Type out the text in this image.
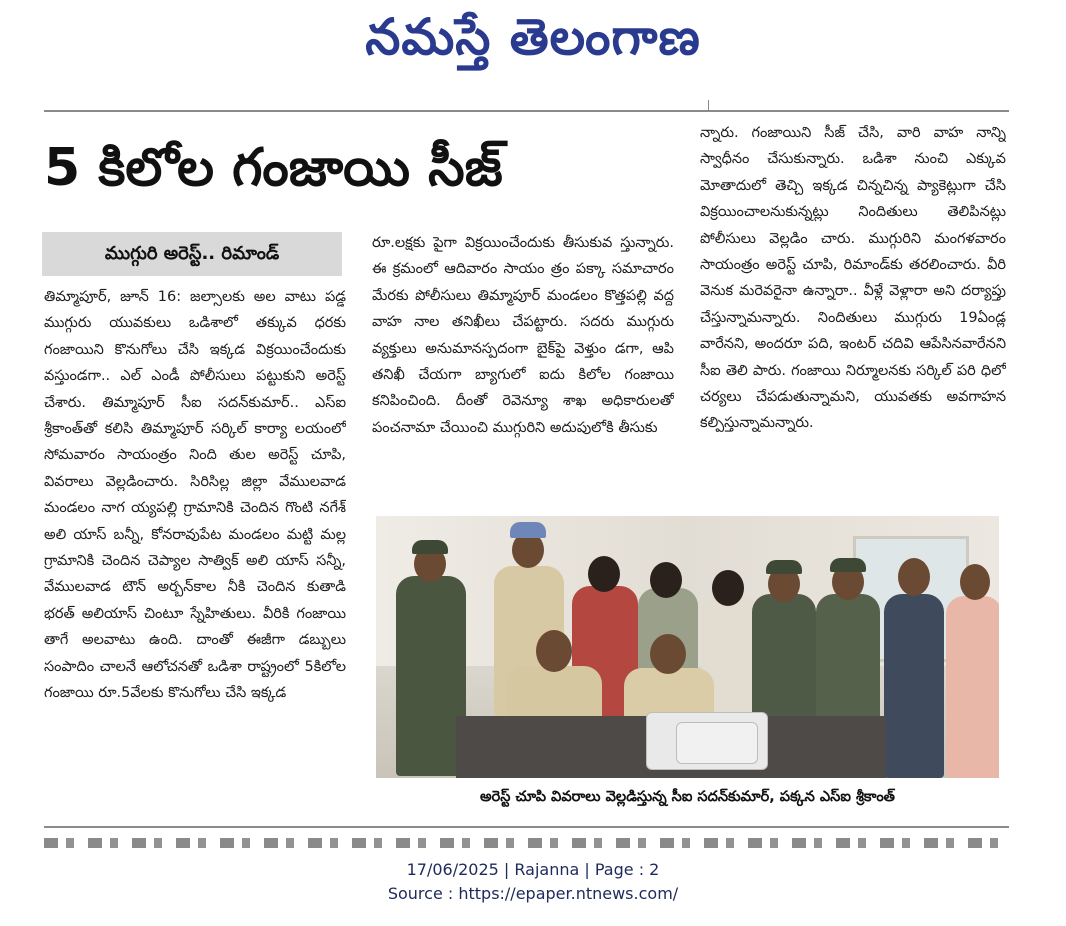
నమస్తే తెలంగాణ
5 కిలోల గంజాయి సీజ్
ముగ్గురి అరెస్ట్.. రిమాండ్

తిమ్మాపూర్, జూన్ 16: జల్సాలకు అల వాటు పడ్డ ముగ్గురు యువకులు ఒడిశాలో తక్కువ ధరకు గంజాయిని కొనుగోలు చేసి ఇక్కడ విక్రయించేందుకు వస్తుండగా.. ఎల్ ఎండీ పోలీసులు పట్టుకుని అరెస్ట్ చేశారు. తిమ్మాపూర్ సీఐ సదన్‌కుమార్.. ఎస్ఐ శ్రీకాంత్‌తో కలిసి తిమ్మాపూర్ సర్కిల్ కార్యా లయంలో సోమవారం సాయంత్రం నింది తుల అరెస్ట్ చూపి, వివరాలు వెల్లడించారు. సిరిసిల్ల జిల్లా వేములవాడ మండలం నాగ య్యపల్లి గ్రామానికి చెందిన గొంటి నగేశ్ అలి యాస్ బన్నీ, కోనరావుపేట మండలం మట్టి మల్ల గ్రామానికి చెందిన చెప్యాల సాత్విక్ అలి యాస్ సన్నీ, వేములవాడ టౌన్ అర్బన్‌కాల నీకి చెందిన కుతాడి భరత్ అలియాస్ చింటూ స్నేహితులు. వీరికి గంజాయి తాగే అలవాటు ఉంది. దాంతో ఈజీగా డబ్బులు సంపాదిం చాలనే ఆలోచనతో ఒడిశా రాష్ట్రంలో 5కిలోల గంజాయి రూ.5వేలకు కొనుగోలు చేసి ఇక్కడ

రూ.లక్షకు పైగా విక్రయించేందుకు తీసుకువ స్తున్నారు. ఈ క్రమంలో ఆదివారం సాయం త్రం పక్కా సమాచారం మేరకు పోలీసులు తిమ్మాపూర్ మండలం కొత్తపల్లి వద్ద వాహ నాల తనిఖీలు చేపట్టారు. సదరు ముగ్గురు వ్యక్తులు అనుమానస్పదంగా బైక్‌పై వెళ్తుం డగా, ఆపి తనిఖీ చేయగా బ్యాగులో ఐదు కిలోల గంజాయి కనిపించింది. దీంతో రెవెన్యూ శాఖ అధికారులతో పంచనామా చేయించి ముగ్గురిని అదుపులోకి తీసుకు

న్నారు. గంజాయిని సీజ్ చేసి, వారి వాహ నాన్ని స్వాధీనం చేసుకున్నారు. ఒడిశా నుంచి ఎక్కువ మోతాదులో తెచ్చి ఇక్కడ చిన్నచిన్న ప్యాకెట్లుగా చేసి విక్రయించాలనుకున్నట్లు నిందితులు తెలిపినట్లు పోలీసులు వెల్లడిం చారు. ముగ్గురిని మంగళవారం సాయంత్రం అరెస్ట్ చూపి, రిమాండ్‌కు తరలించారు. వీరి వెనుక మరెవరైనా ఉన్నారా.. వీళ్లే వెళ్లారా అని దర్యాప్తు చేస్తున్నామన్నారు. నిందితులు ముగ్గురు 19ఏండ్ల వారేనని, అందరూ పది, ఇంటర్ చదివి ఆపేసినవారేనని సీఐ తెలి పారు. గంజాయి నిర్మూలనకు సర్కిల్ పరి ధిలో చర్యలు చేపడుతున్నామని, యువతకు అవగాహన కల్పిస్తున్నామన్నారు.

అరెస్ట్ చూపి వివరాలు వెల్లడిస్తున్న సీఐ సదన్‌కుమార్, పక్కన ఎస్ఐ శ్రీకాంత్
17/06/2025 | Rajanna | Page : 2
Source : https://epaper.ntnews.com/
